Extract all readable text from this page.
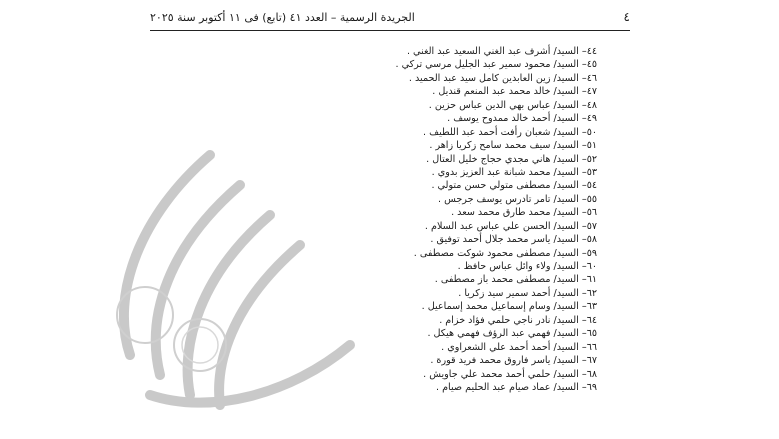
٤
الجريدة الرسمية – العدد ٤١ (تابع) فى ١١ أكتوبر سنة ٢٠٢٥
٤٤– السيد/ أشرف عبد الغني السعيد عبد الغني .
٤٥– السيد/ محمود سمير عبد الجليل مرسي تركي .
٤٦– السيد/ زين العابدين كامل سيد عبد الحميد .
٤٧– السيد/ خالد محمد عبد المنعم قنديل .
٤٨– السيد/ عباس بهي الدين عباس حزين .
٤٩– السيد/ أحمد خالد ممدوح يوسف .
٥٠– السيد/ شعبان رأفت أحمد عبد اللطيف .
٥١– السيد/ سيف محمد سامح زكريا زاهر .
٥٢– السيد/ هاني مجدي حجاج خليل العتال .
٥٣– السيد/ محمد شبانة عبد العزيز بدوي .
٥٤– السيد/ مصطفى متولي حسن متولي .
٥٥– السيد/ تامر تادرس يوسف جرجس .
٥٦– السيد/ محمد طارق محمد سعد .
٥٧– السيد/ الحسن علي عباس عبد السلام .
٥٨– السيد/ ياسر محمد جلال أحمد توفيق .
٥٩– السيد/ مصطفى محمود شوكت مصطفى .
٦٠– السيد/ ولاء وائل عباس حافظ .
٦١– السيد/ مصطفى محمد باز مصطفى .
٦٢– السيد/ أحمد سمير سيد زكريا .
٦٣– السيد/ وسام إسماعيل محمد إسماعيل .
٦٤– السيد/ نادر ناجي حلمي فؤاد خزام .
٦٥– السيد/ فهمي عبد الرؤف فهمي هيكل .
٦٦– السيد/ أحمد أحمد علي الشعراوي .
٦٧– السيد/ ياسر فاروق محمد فريد قورة .
٦٨– السيد/ حلمي أحمد محمد علي جاويش .
٦٩– السيد/ عماد صيام عبد الحليم صيام .
